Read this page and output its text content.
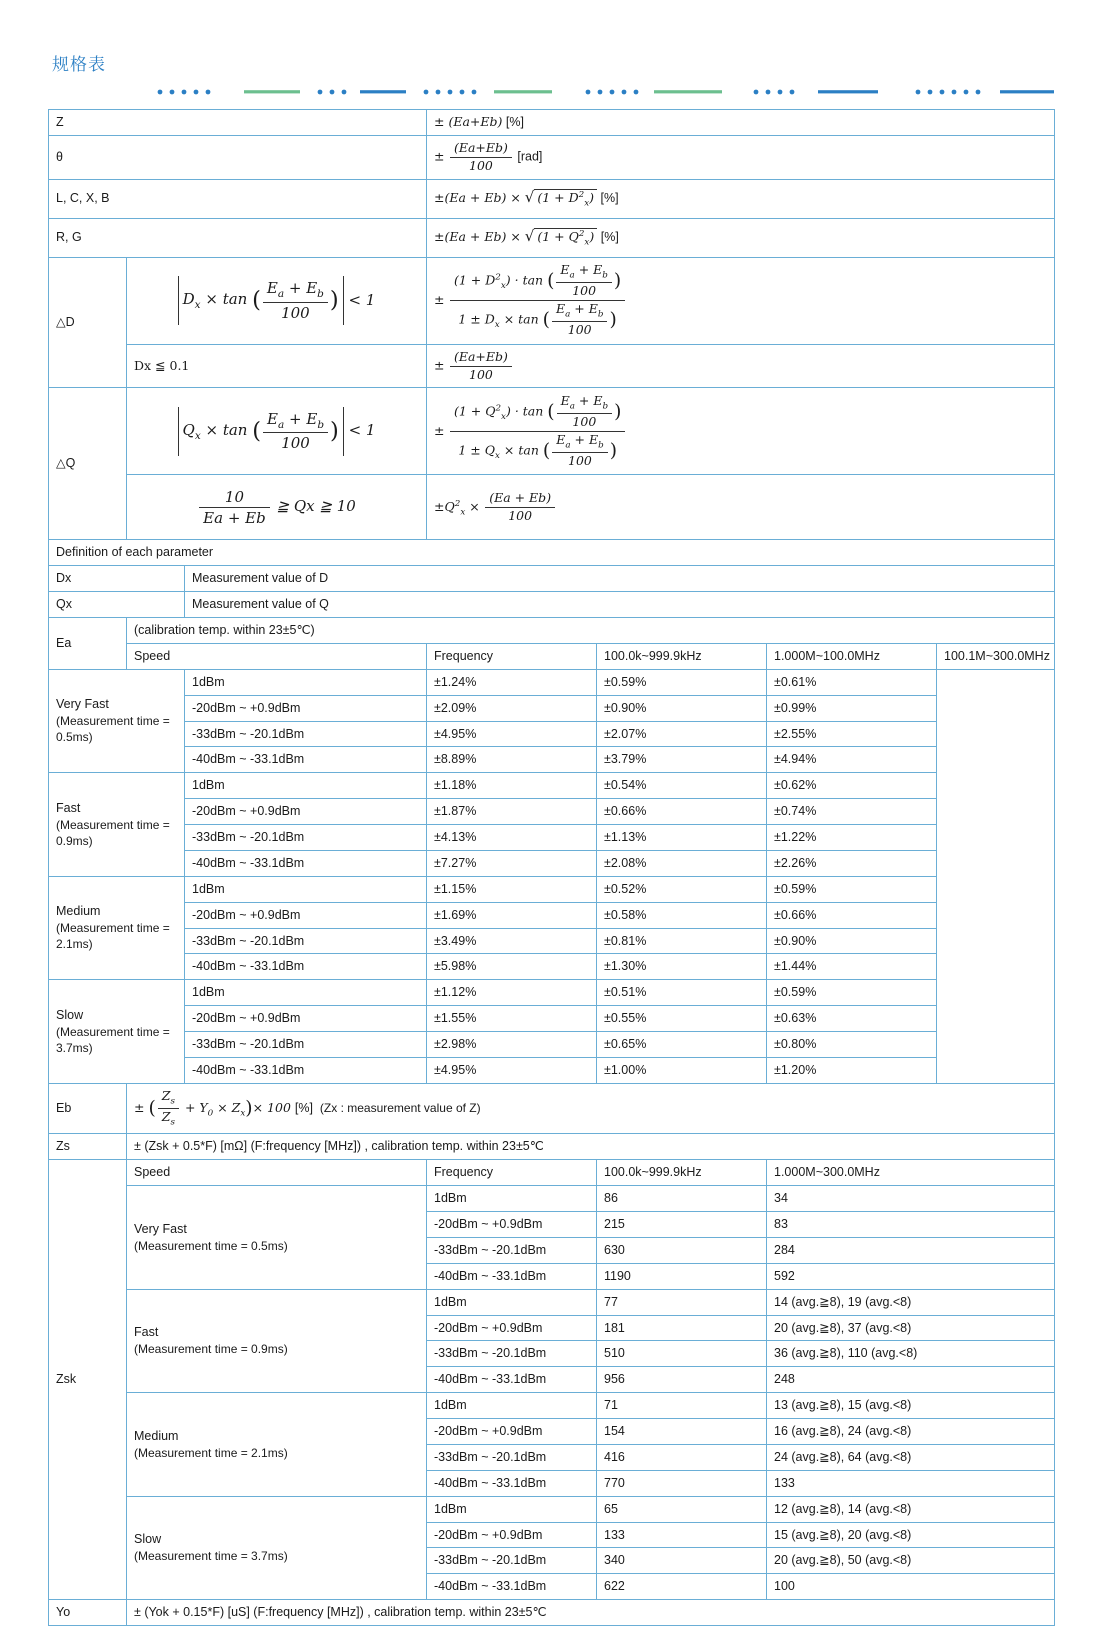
规格表
Z			± (Ea+Eb) [%]			
θ			± $\frac{(Ea+Eb)}{100} [rad]$			
L, C, X, B			±(Ea + Eb) × √ $(1 + D^2_x)$ [%]			
R, G			±(Ea + Eb) × √ $(1 + Q^2_x)$ [%]			
△D	$D_x \times \tan$ ( $\frac{E_a + E_b}{100}$ ) < 1	± $\frac{(1 + D^2_x) \cdot \tan ( \frac{E_a + E_b}{100} )}{1 \pm D_x \times \tan ( \frac{E_a + E_b}{100} )}$

	Dx ≦ 0.1		± $\frac{(Ea+Eb)}{100}$

△Q	$Q_x \times \tan$ ( $\frac{E_a + E_b}{100}$ ) < 1	± $\frac{(1 + Q^2_x) \cdot \tan ( \frac{E_a + E_b}{100} )}{1 \pm Q_x \times \tan ( \frac{E_a + E_b}{100} )}$

	$\frac{10}{Ea + Eb}$ ≧ Qx ≧ 10		$\pm Q^2_x \times \frac{(Ea + Eb)}{100}$

Definition of each parameter						
Dx		Measurement value of D				
Qx		Measurement value of Q				
Ea	(calibration temp. within 23±5℃)					
	Speed		Frequency	100.0k~999.9kHz	1.000M~100.0MHz	100.1M~300.0MHz

Very Fast
(Measurement time = 0.5ms)		1dBm	±1.24%	±0.59%	±0.61%	
		-20dBm ~ +0.9dBm	±2.09%	±0.90%	±0.99%	
		-33dBm ~ -20.1dBm	±4.95%	±2.07%	±2.55%	
		-40dBm ~ -33.1dBm	±8.89%	±3.79%	±4.94%	

Fast
(Measurement time = 0.9ms)		1dBm	±1.18%	±0.54%	±0.62%	
		-20dBm ~ +0.9dBm	±1.87%	±0.66%	±0.74%	
		-33dBm ~ -20.1dBm	±4.13%	±1.13%	±1.22%	
		-40dBm ~ -33.1dBm	±7.27%	±2.08%	±2.26%	

Medium
(Measurement time = 2.1ms)		1dBm	±1.15%	±0.52%	±0.59%	
		-20dBm ~ +0.9dBm	±1.69%	±0.58%	±0.66%	
		-33dBm ~ -20.1dBm	±3.49%	±0.81%	±0.90%	
		-40dBm ~ -33.1dBm	±5.98%	±1.30%	±1.44%	

Slow
(Measurement time = 3.7ms)		1dBm	±1.12%	±0.51%	±0.59%	
		-20dBm ~ +0.9dBm	±1.55%	±0.55%	±0.63%	
		-33dBm ~ -20.1dBm	±2.98%	±0.65%	±0.80%	
		-40dBm ~ -33.1dBm	±4.95%	±1.00%	±1.20%	
Eb	± ( $\frac{Z_s}{Z_s} + Y_0 \times Z_x)\times 100$ [%] (Zx : measurement value of Z)					
Zs	± (Zsk + 0.5*F) [mΩ] (F:frequency [MHz]) , calibration temp. within 23±5℃					
Zsk	Speed		Frequency	100.0k~999.9kHz	1.000M~300.0MHz	

	Very Fast
(Measurement time = 0.5ms)		1dBm	86	34	
			-20dBm ~ +0.9dBm	215	83	
			-33dBm ~ -20.1dBm	630	284	
			-40dBm ~ -33.1dBm	1190	592	

	Fast
(Measurement time = 0.9ms)		1dBm	77	14 (avg.≧8), 19 (avg.<8)	
			-20dBm ~ +0.9dBm	181	20 (avg.≧8), 37 (avg.<8)	
			-33dBm ~ -20.1dBm	510	36 (avg.≧8), 110 (avg.<8)	
			-40dBm ~ -33.1dBm	956	248	

	Medium
(Measurement time = 2.1ms)		1dBm	71	13 (avg.≧8), 15 (avg.<8)	
			-20dBm ~ +0.9dBm	154	16 (avg.≧8), 24 (avg.<8)	
			-33dBm ~ -20.1dBm	416	24 (avg.≧8), 64 (avg.<8)	
			-40dBm ~ -33.1dBm	770	133	

	Slow
(Measurement time = 3.7ms)		1dBm	65	12 (avg.≧8), 14 (avg.<8)	
			-20dBm ~ +0.9dBm	133	15 (avg.≧8), 20 (avg.<8)	
			-33dBm ~ -20.1dBm	340	20 (avg.≧8), 50 (avg.<8)	
			-40dBm ~ -33.1dBm	622	100	
Yo	± (Yok + 0.15*F) [uS] (F:frequency [MHz]) , calibration temp. within 23±5℃					
